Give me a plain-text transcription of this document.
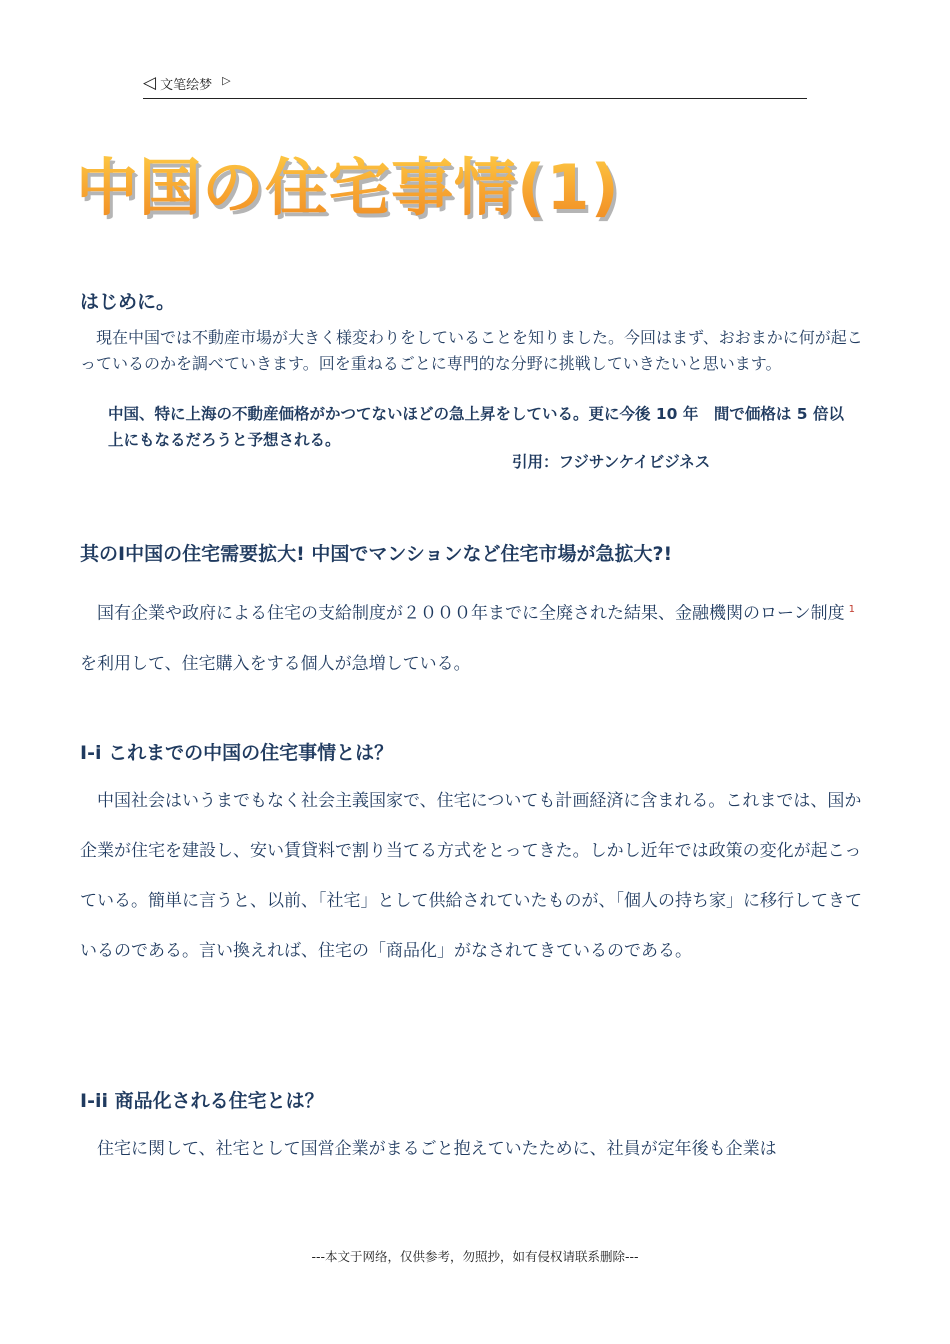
◁ 文笔绘梦 ▷
中国の住宅事情(1)
はじめに。
　現在中国では不動産市場が大きく様変わりをしていることを知りました。今回はまず、おおまかに何が起こっているのかを調べていきます。回を重ねるごとに専門的な分野に挑戦していきたいと思います。
中国、特に上海の不動産価格がかつてないほどの急上昇をしている。更に今後 10 年　間で価格は 5 倍以上にもなるだろうと予想される。
引用：フジサンケイビジネス
其のⅠ中国の住宅需要拡大! 中国でマンションなど住宅市場が急拡大?!
　国有企業や政府による住宅の支給制度が２０００年までに全廃された結果、金融機関のローン制度 $^1$を利用して、住宅購入をする個人が急増している。
I-i これまでの中国の住宅事情とは？
　中国社会はいうまでもなく社会主義国家で、住宅についても計画経済に含まれる。これまでは、国か企業が住宅を建設し、安い賃貸料で割り当てる方式をとってきた。しかし近年では政策の変化が起こっている。簡単に言うと、以前、「社宅」として供給されていたものが、「個人の持ち家」に移行してきているのである。言い換えれば、住宅の「商品化」がなされてきているのである。
I-ii 商品化される住宅とは？
　住宅に関して、社宅として国営企業がまるごと抱えていたために、社員が定年後も企業は
---本文于网络，仅供参考，勿照抄，如有侵权请联系删除---
